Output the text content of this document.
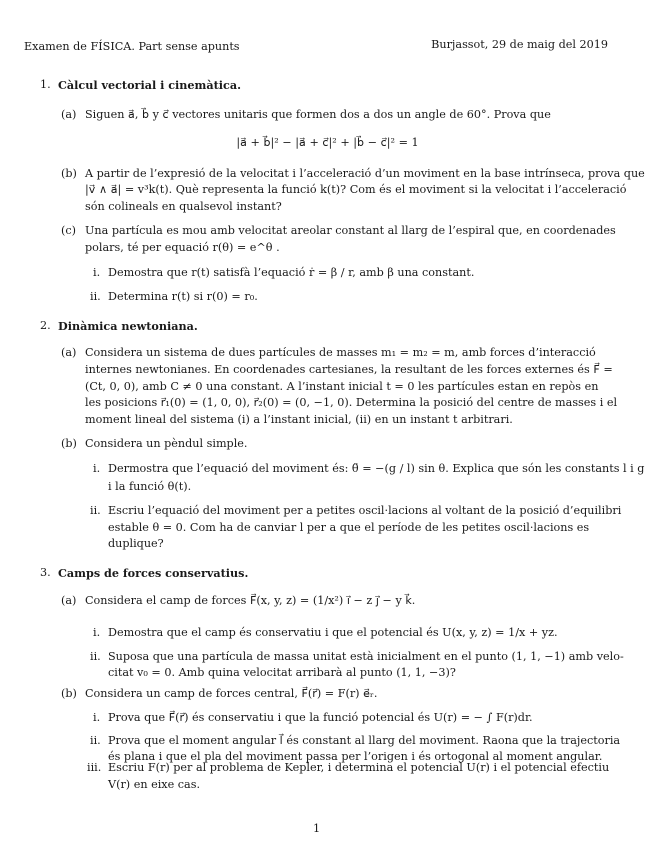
Examen de FÍSICA. Part sense apunts	Burjassot, 29 de maig del 2019
1. Càlcul vectorial i cinemàtica.
(a) Siguen a⃗, b⃗ y c⃗ vectores unitaris que formen dos a dos un angle de 60°. Prova que
|a⃗ + b⃗|² − |a⃗ + c⃗|² + |b⃗ − c⃗|² = 1
(b) A partir de l’expresió de la velocitat i l’acceleració d’un moviment en la base intrínseca, prova que
|v⃗ ∧ a⃗| = v³k(t). Què representa la funció k(t)? Com és el moviment si la velocitat i l’acceleració
són colineals en qualsevol instant?
(c) Una partícula es mou amb velocitat areolar constant al llarg de l’espiral que, en coordenades
polars, té per equació r(θ) = e^θ .
i. Demostra que r(t) satisfà l’equació ṙ = β / r, amb β una constant.
ii. Determina r(t) si r(0) = r₀.
2. Dinàmica newtoniana.
(a) Considera un sistema de dues partícules de masses m₁ = m₂ = m, amb forces d’interacció
internes newtonianes. En coordenades cartesianes, la resultant de les forces externes és F⃗ =
(Ct, 0, 0), amb C ≠ 0 una constant. A l’instant inicial t = 0 les partícules estan en repòs en
les posicions r⃗₁(0) = (1, 0, 0), r⃗₂(0) = (0, −1, 0). Determina la posició del centre de masses i el
moment lineal del sistema (i) a l’instant inicial, (ii) en un instant t arbitrari.
(b) Considera un pèndul simple.
i. Dermostra que l’equació del moviment és: θ̈ = −(g / l) sin θ. Explica que són les constants l i g
i la funció θ(t).
ii. Escriu l’equació del moviment per a petites oscil·lacions al voltant de la posició d’equilibri
estable θ = 0. Com ha de canviar l per a que el període de les petites oscil·lacions es
duplique?
3. Camps de forces conservatius.
(a) Considera el camp de forces F⃗(x, y, z) = (1/x²) ı⃗ − z ȷ⃗ − y k⃗.
i. Demostra que el camp és conservatiu i que el potencial és U(x, y, z) = 1/x + yz.
ii. Suposa que una partícula de massa unitat està inicialment en el punto (1, 1, −1) amb velo-
citat v₀ = 0. Amb quina velocitat arribarà al punto (1, 1, −3)?
(b) Considera un camp de forces central, F⃗(r⃗) = F(r) e⃗ᵣ.
i. Prova que F⃗(r⃗) és conservatiu i que la funció potencial és U(r) = − ∫ F(r)dr.
ii. Prova que el moment angular l⃗ és constant al llarg del moviment. Raona que la trajectoria
és plana i que el pla del moviment passa per l’origen i és ortogonal al moment angular.
iii. Escriu F(r) per al problema de Kepler, i determina el potencial U(r) i el potencial efectiu
V(r) en eixe cas.
1
